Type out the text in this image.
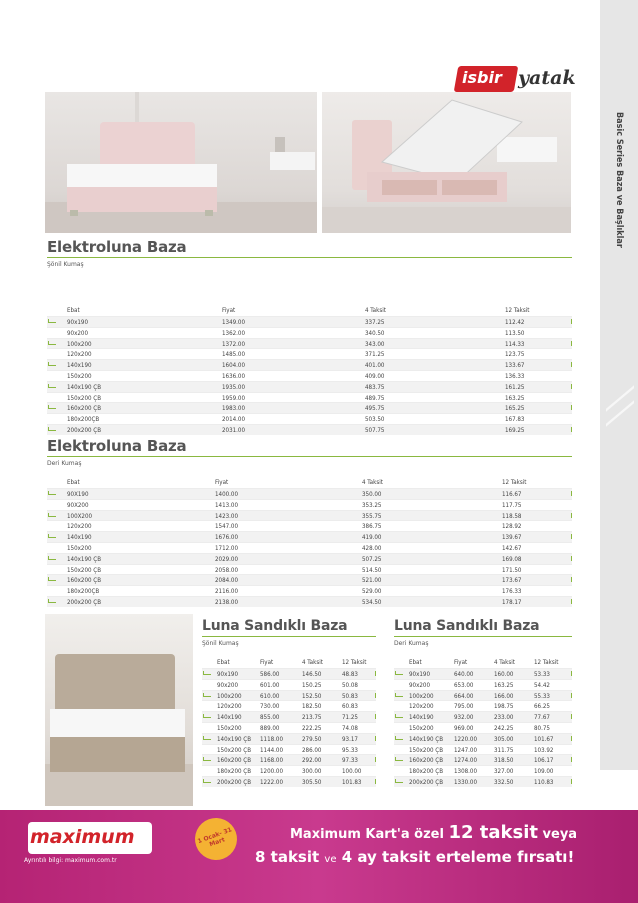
Basic Series Baza ve Başlıklar
isbir yatak
Elektroluna Baza
Şönil Kumaş
Elektroluna Baza
Deri Kumaş
Luna Sandıklı Baza
Şönil Kumaş
Luna Sandıklı Baza
Deri Kumaş
Ebat	Fiyat	4 Taksit	12 Taksit
90x190	1349.00	337.25	112.42
90x200	1362.00	340.50	113.50
100x200	1372.00	343.00	114.33
120x200	1485.00	371.25	123.75
140x190	1604.00	401.00	133.67
150x200	1636.00	409.00	136.33
140x190 ÇB	1935.00	483.75	161.25
150x200 ÇB	1959.00	489.75	163.25
160x200 ÇB	1983.00	495.75	165.25
180x200ÇB	2014.00	503.50	167.83
200x200 ÇB	2031.00	507.75	169.25
Ebat	Fiyat	4 Taksit	12 Taksit
90X190	1400.00	350.00	116.67
90X200	1413.00	353.25	117.75
100X200	1423.00	355.75	118.58
120x200	1547.00	386.75	128.92
140x190	1676.00	419.00	139.67
150x200	1712.00	428.00	142.67
140x190 ÇB	2029.00	507.25	169.08
150x200 ÇB	2058.00	514.50	171.50
160x200 ÇB	2084.00	521.00	173.67
180x200ÇB	2116.00	529.00	176.33
200x200 ÇB	2138.00	534.50	178.17
Ebat	Fiyat	4 Taksit	12 Taksit
90x190	586.00	146.50	48.83
90x200	601.00	150.25	50.08
100x200	610.00	152.50	50.83
120x200	730.00	182.50	60.83
140x190	855.00	213.75	71.25
150x200	889.00	222.25	74.08
140x190 ÇB 1118.00	279.50	93.17
150x200 ÇB 1144.00	286.00	95.33
160x200 ÇB 1168.00	292.00	97.33
180x200 ÇB 1200.00	300.00	100.00
200x200 ÇB 1222.00	305.50	101.83
Ebat	Fiyat	4 Taksit	12 Taksit
90x190	640.00	160.00	53.33
90x200	653.00	163.25	54.42
100x200	664.00	166.00	55.33
120x200	795.00	198.75	66.25
140x190	932.00	233.00	77.67
150x200	969.00	242.25	80.75
140x190 ÇB 1220.00	305.00	101.67
150x200 ÇB 1247.00	311.75	103.92
160x200 ÇB 1274.00	318.50	106.17
180x200 ÇB 1308.00	327.00	109.00
200x200 ÇB 1330.00	332.50	110.83
maximum
Ayrıntılı bilgi: maximum.com.tr
1 Ocak- 31 Mart
Maximum Kart'a özel 12 taksit veya
8 taksit ve 4 ay taksit erteleme fırsatı!
